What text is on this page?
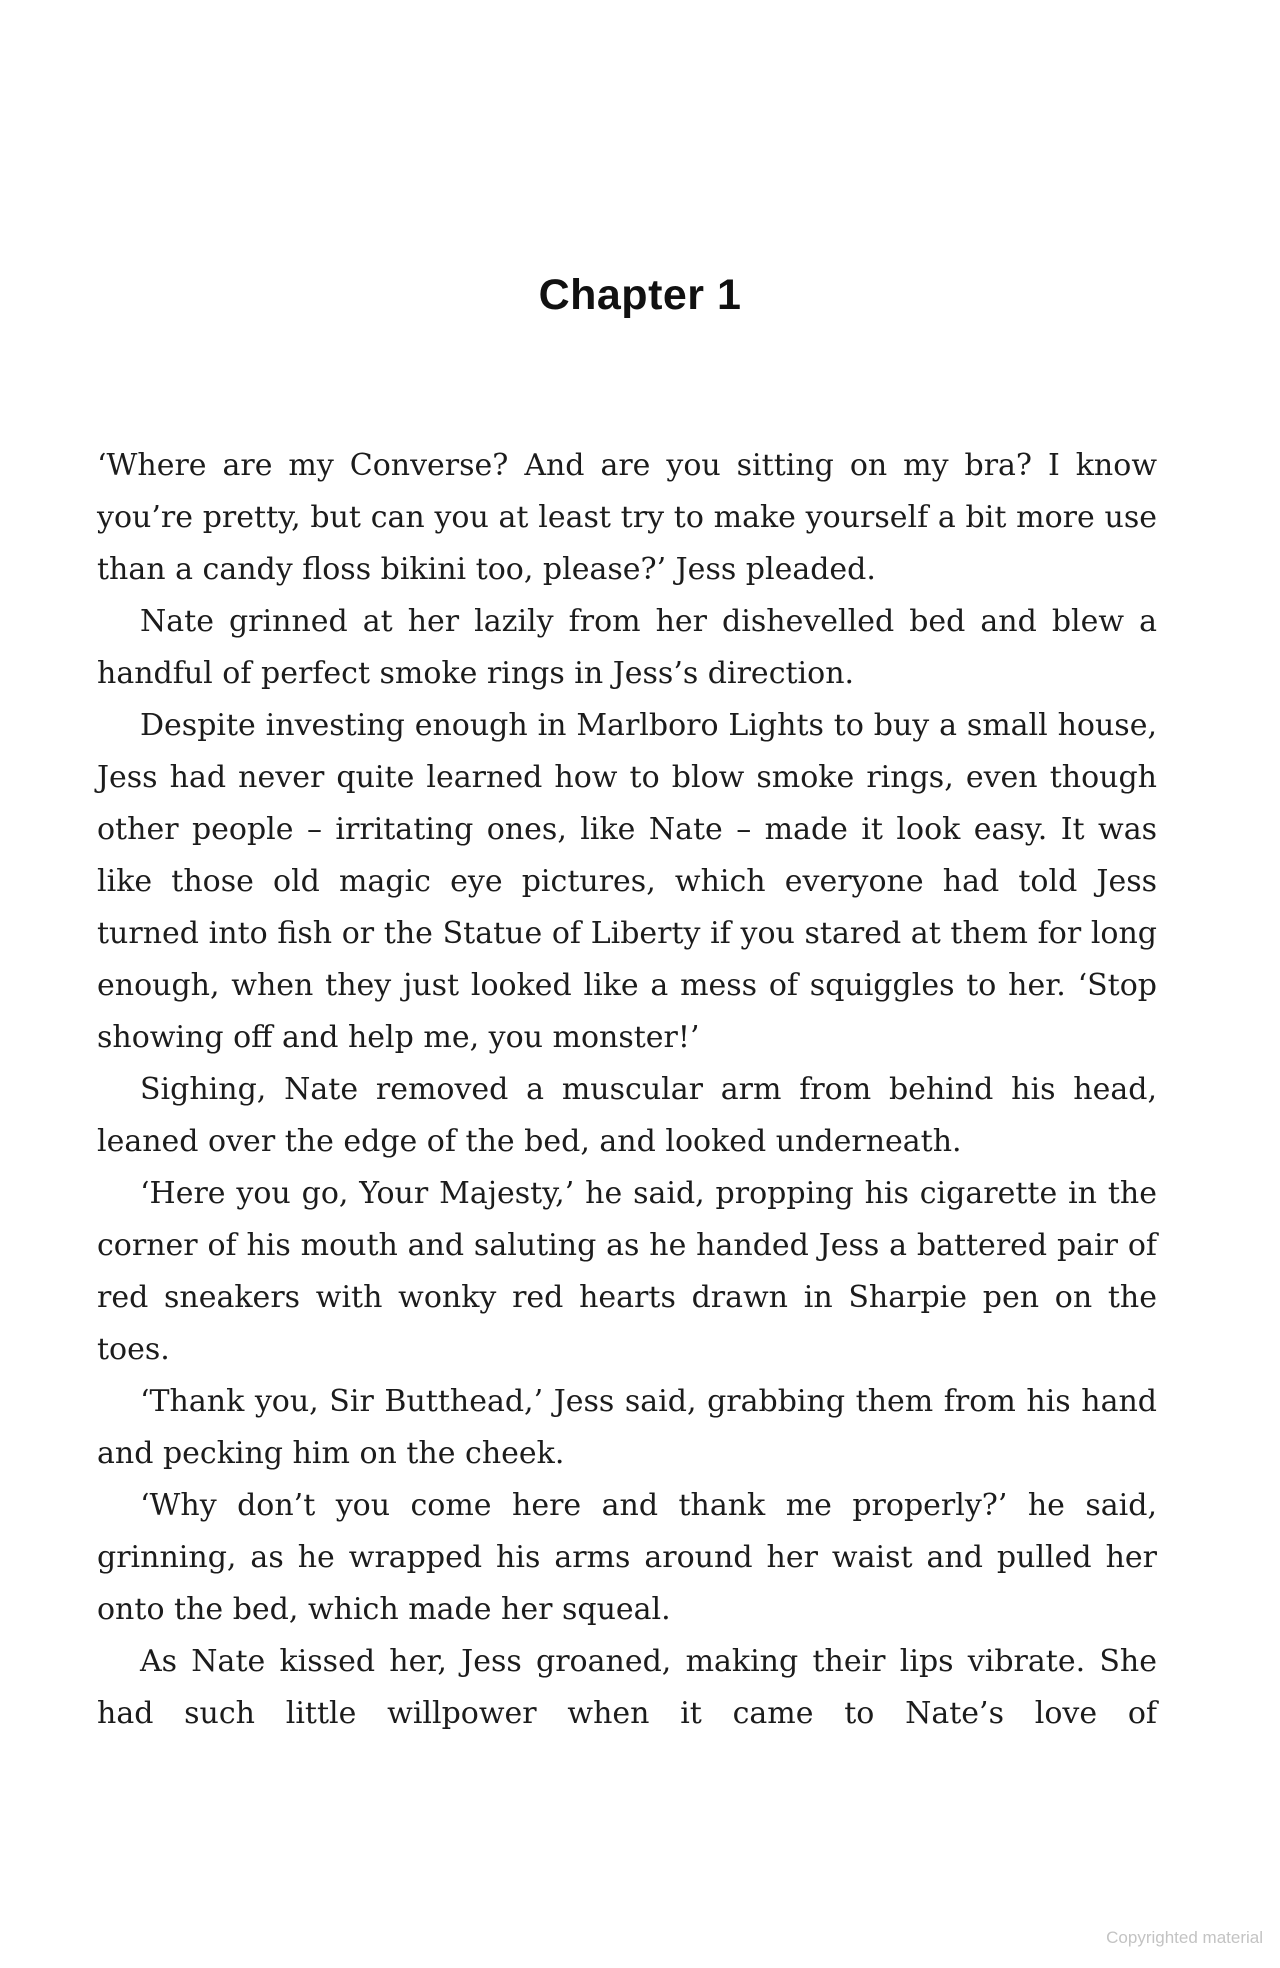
Chapter 1

‘Where are my Converse? And are you sitting on my bra? I know you’re pretty, but can you at least try to make yourself a bit more use than a candy floss bikini too, please?’ Jess pleaded.

Nate grinned at her lazily from her dishevelled bed and blew a handful of perfect smoke rings in Jess’s direction.

Despite investing enough in Marlboro Lights to buy a small house, Jess had never quite learned how to blow smoke rings, even though other people – irritating ones, like Nate – made it look easy. It was like those old magic eye pictures, which everyone had told Jess turned into fish or the Statue of Liberty if you stared at them for long enough, when they just looked like a mess of squiggles to her. ‘Stop showing off and help me, you monster!’

Sighing, Nate removed a muscular arm from behind his head, leaned over the edge of the bed, and looked underneath.

‘Here you go, Your Majesty,’ he said, propping his cigarette in the corner of his mouth and saluting as he handed Jess a battered pair of red sneakers with wonky red hearts drawn in Sharpie pen on the toes.

‘Thank you, Sir Butthead,’ Jess said, grabbing them from his hand and pecking him on the cheek.

‘Why don’t you come here and thank me properly?’ he said, grinning, as he wrapped his arms around her waist and pulled her onto the bed, which made her squeal.

As Nate kissed her, Jess groaned, making their lips vibrate. She had such little willpower when it came to Nate’s love of

Copyrighted material
